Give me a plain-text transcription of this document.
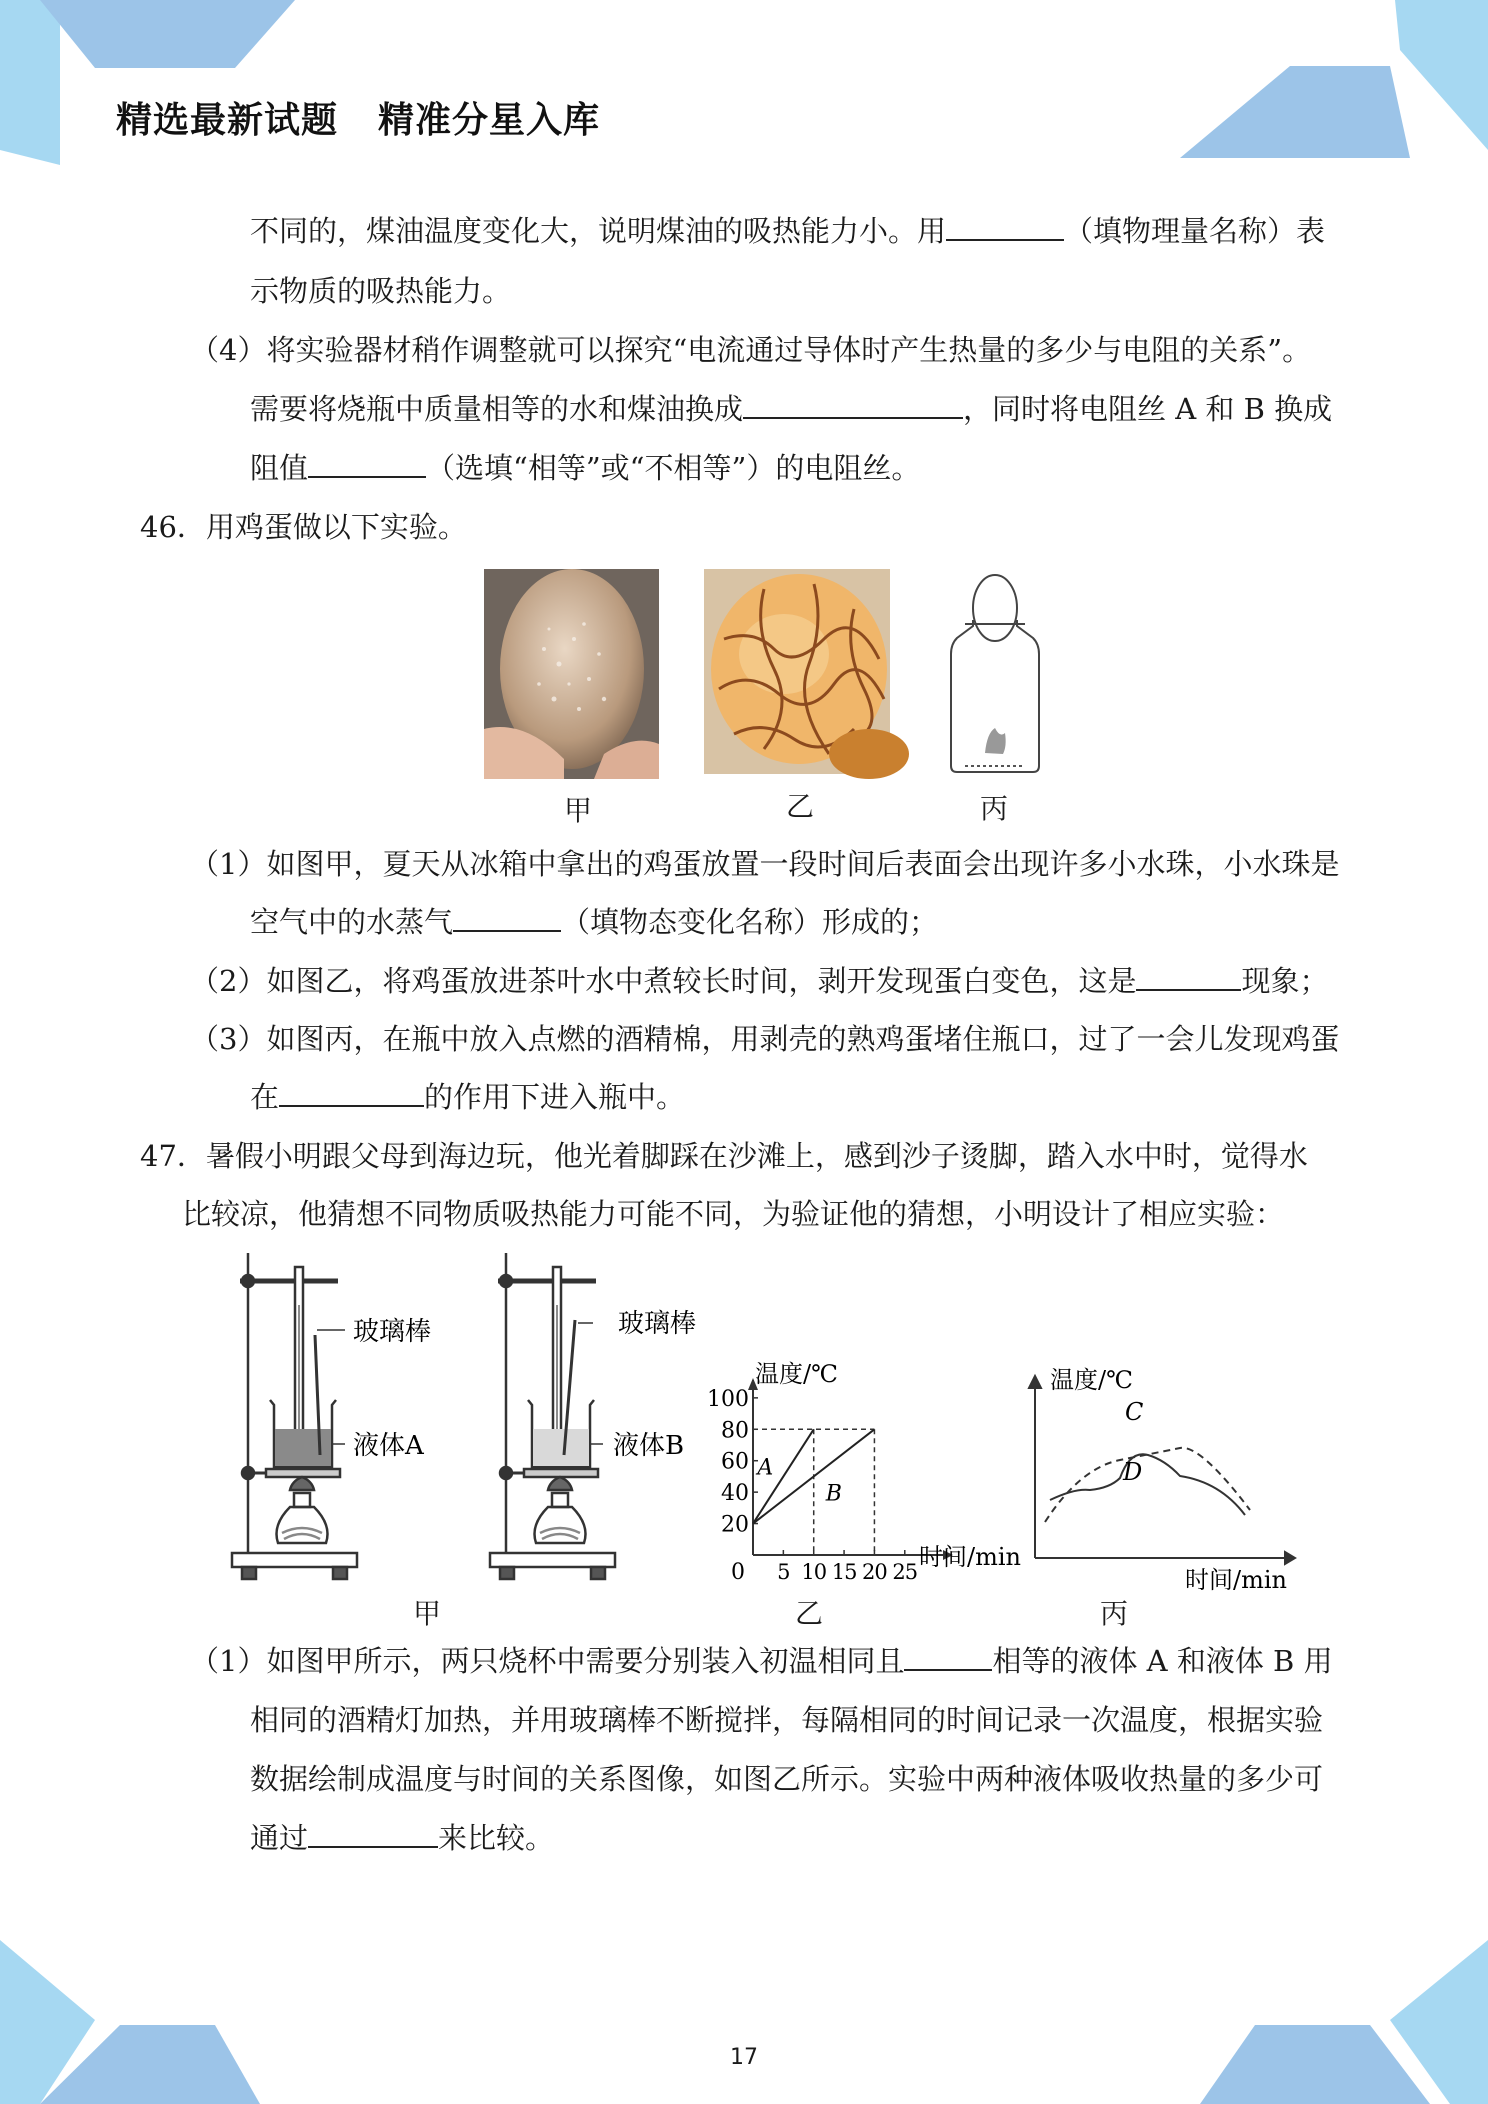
精选最新试题 精准分星入库
不同的，煤油温度变化大，说明煤油的吸热能力小。用	（填物理量名称）表
示物质的吸热能力。
（4）将实验器材稍作调整就可以探究“电流通过导体时产生热量的多少与电阻的关系”。
需要将烧瓶中质量相等的水和煤油换成	，同时将电阻丝 A 和 B 换成
阻值	（选填“相等”或“不相等”）的电阻丝。
46．用鸡蛋做以下实验。
甲	乙	丙
（1）如图甲，夏天从冰箱中拿出的鸡蛋放置一段时间后表面会出现许多小水珠，小水珠是
空气中的水蒸气	（填物态变化名称）形成的；
（2）如图乙，将鸡蛋放进茶叶水中煮较长时间，剥开发现蛋白变色，这是	现象；
（3）如图丙，在瓶中放入点燃的酒精棉，用剥壳的熟鸡蛋堵住瓶口，过了一会儿发现鸡蛋
在	的作用下进入瓶中。
47．暑假小明跟父母到海边玩，他光着脚踩在沙滩上，感到沙子烫脚，踏入水中时，觉得水
比较凉，他猜想不同物质吸热能力可能不同，为验证他的猜想，小明设计了相应实验：
玻璃棒
液体A
玻璃棒
液体B
20
40
60
80
100
0 5 10 15 20 25
A
B
温度/℃
时间/min
温度/℃
时间/min
C
D
甲	乙	丙
（1）如图甲所示，两只烧杯中需要分别装入初温相同且	相等的液体 A 和液体 B 用
相同的酒精灯加热，并用玻璃棒不断搅拌，每隔相同的时间记录一次温度，根据实验
数据绘制成温度与时间的关系图像，如图乙所示。实验中两种液体吸收热量的多少可
通过	来比较。
17
